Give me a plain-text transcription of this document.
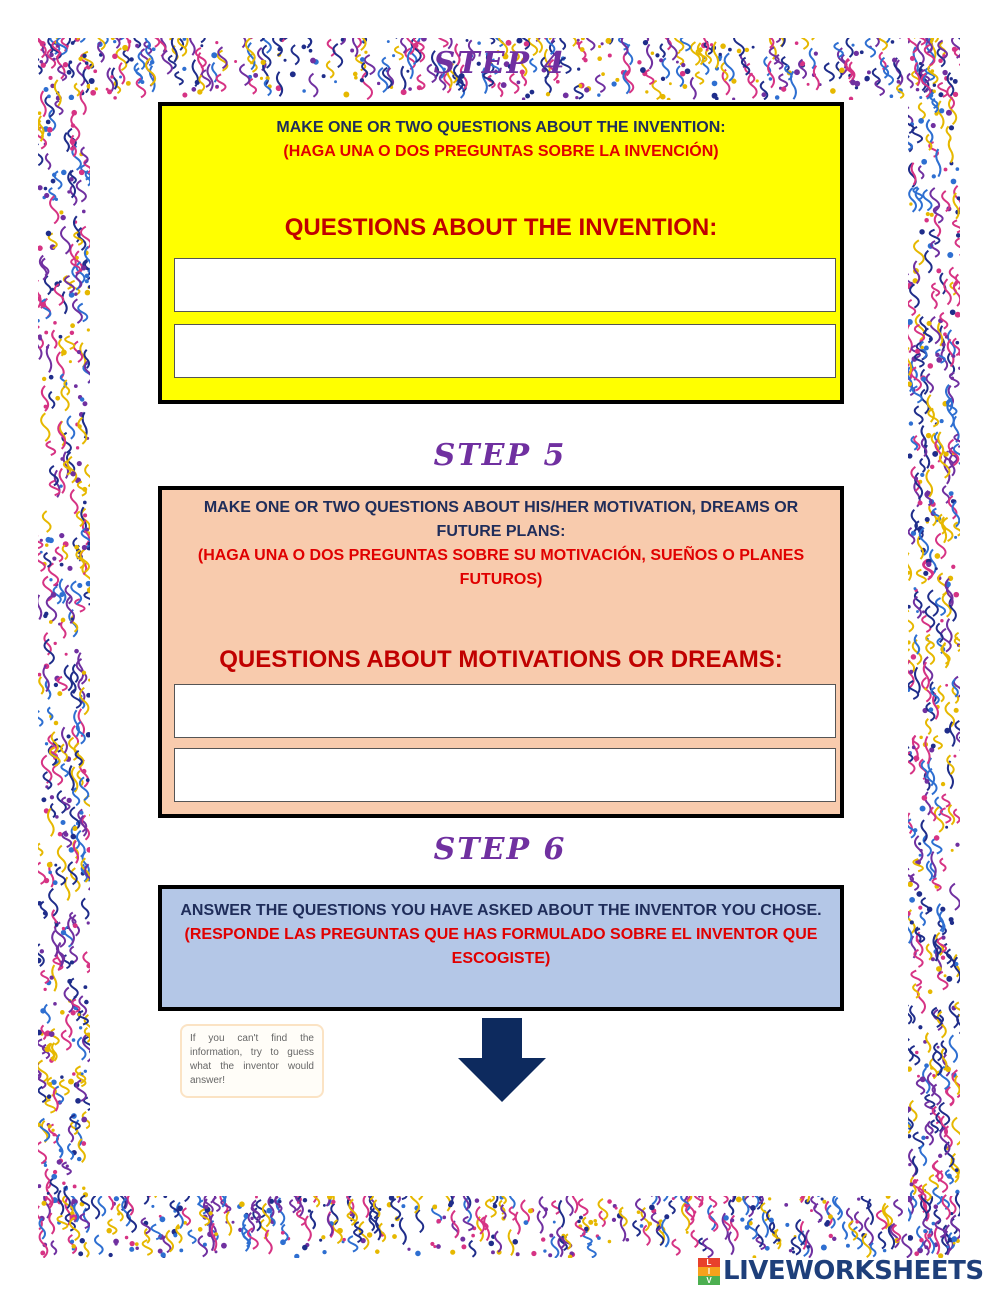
STEP 4
MAKE ONE OR TWO QUESTIONS ABOUT THE INVENTION:
(HAGA UNA O DOS PREGUNTAS SOBRE LA INVENCIÓN)
QUESTIONS ABOUT THE INVENTION:
STEP 5
MAKE ONE OR TWO QUESTIONS ABOUT HIS/HER MOTIVATION, DREAMS OR FUTURE PLANS:
(HAGA UNA O DOS PREGUNTAS SOBRE SU MOTIVACIÓN, SUEÑOS O PLANES FUTUROS)
QUESTIONS ABOUT MOTIVATIONS OR DREAMS:
STEP 6
ANSWER THE QUESTIONS YOU HAVE ASKED ABOUT THE INVENTOR YOU CHOSE.
(RESPONDE LAS PREGUNTAS QUE HAS FORMULADO SOBRE EL INVENTOR QUE ESCOGISTE)
If you can't find the information, try to guess what the inventor would answer!
L
I
V LIVEWORKSHEETS
